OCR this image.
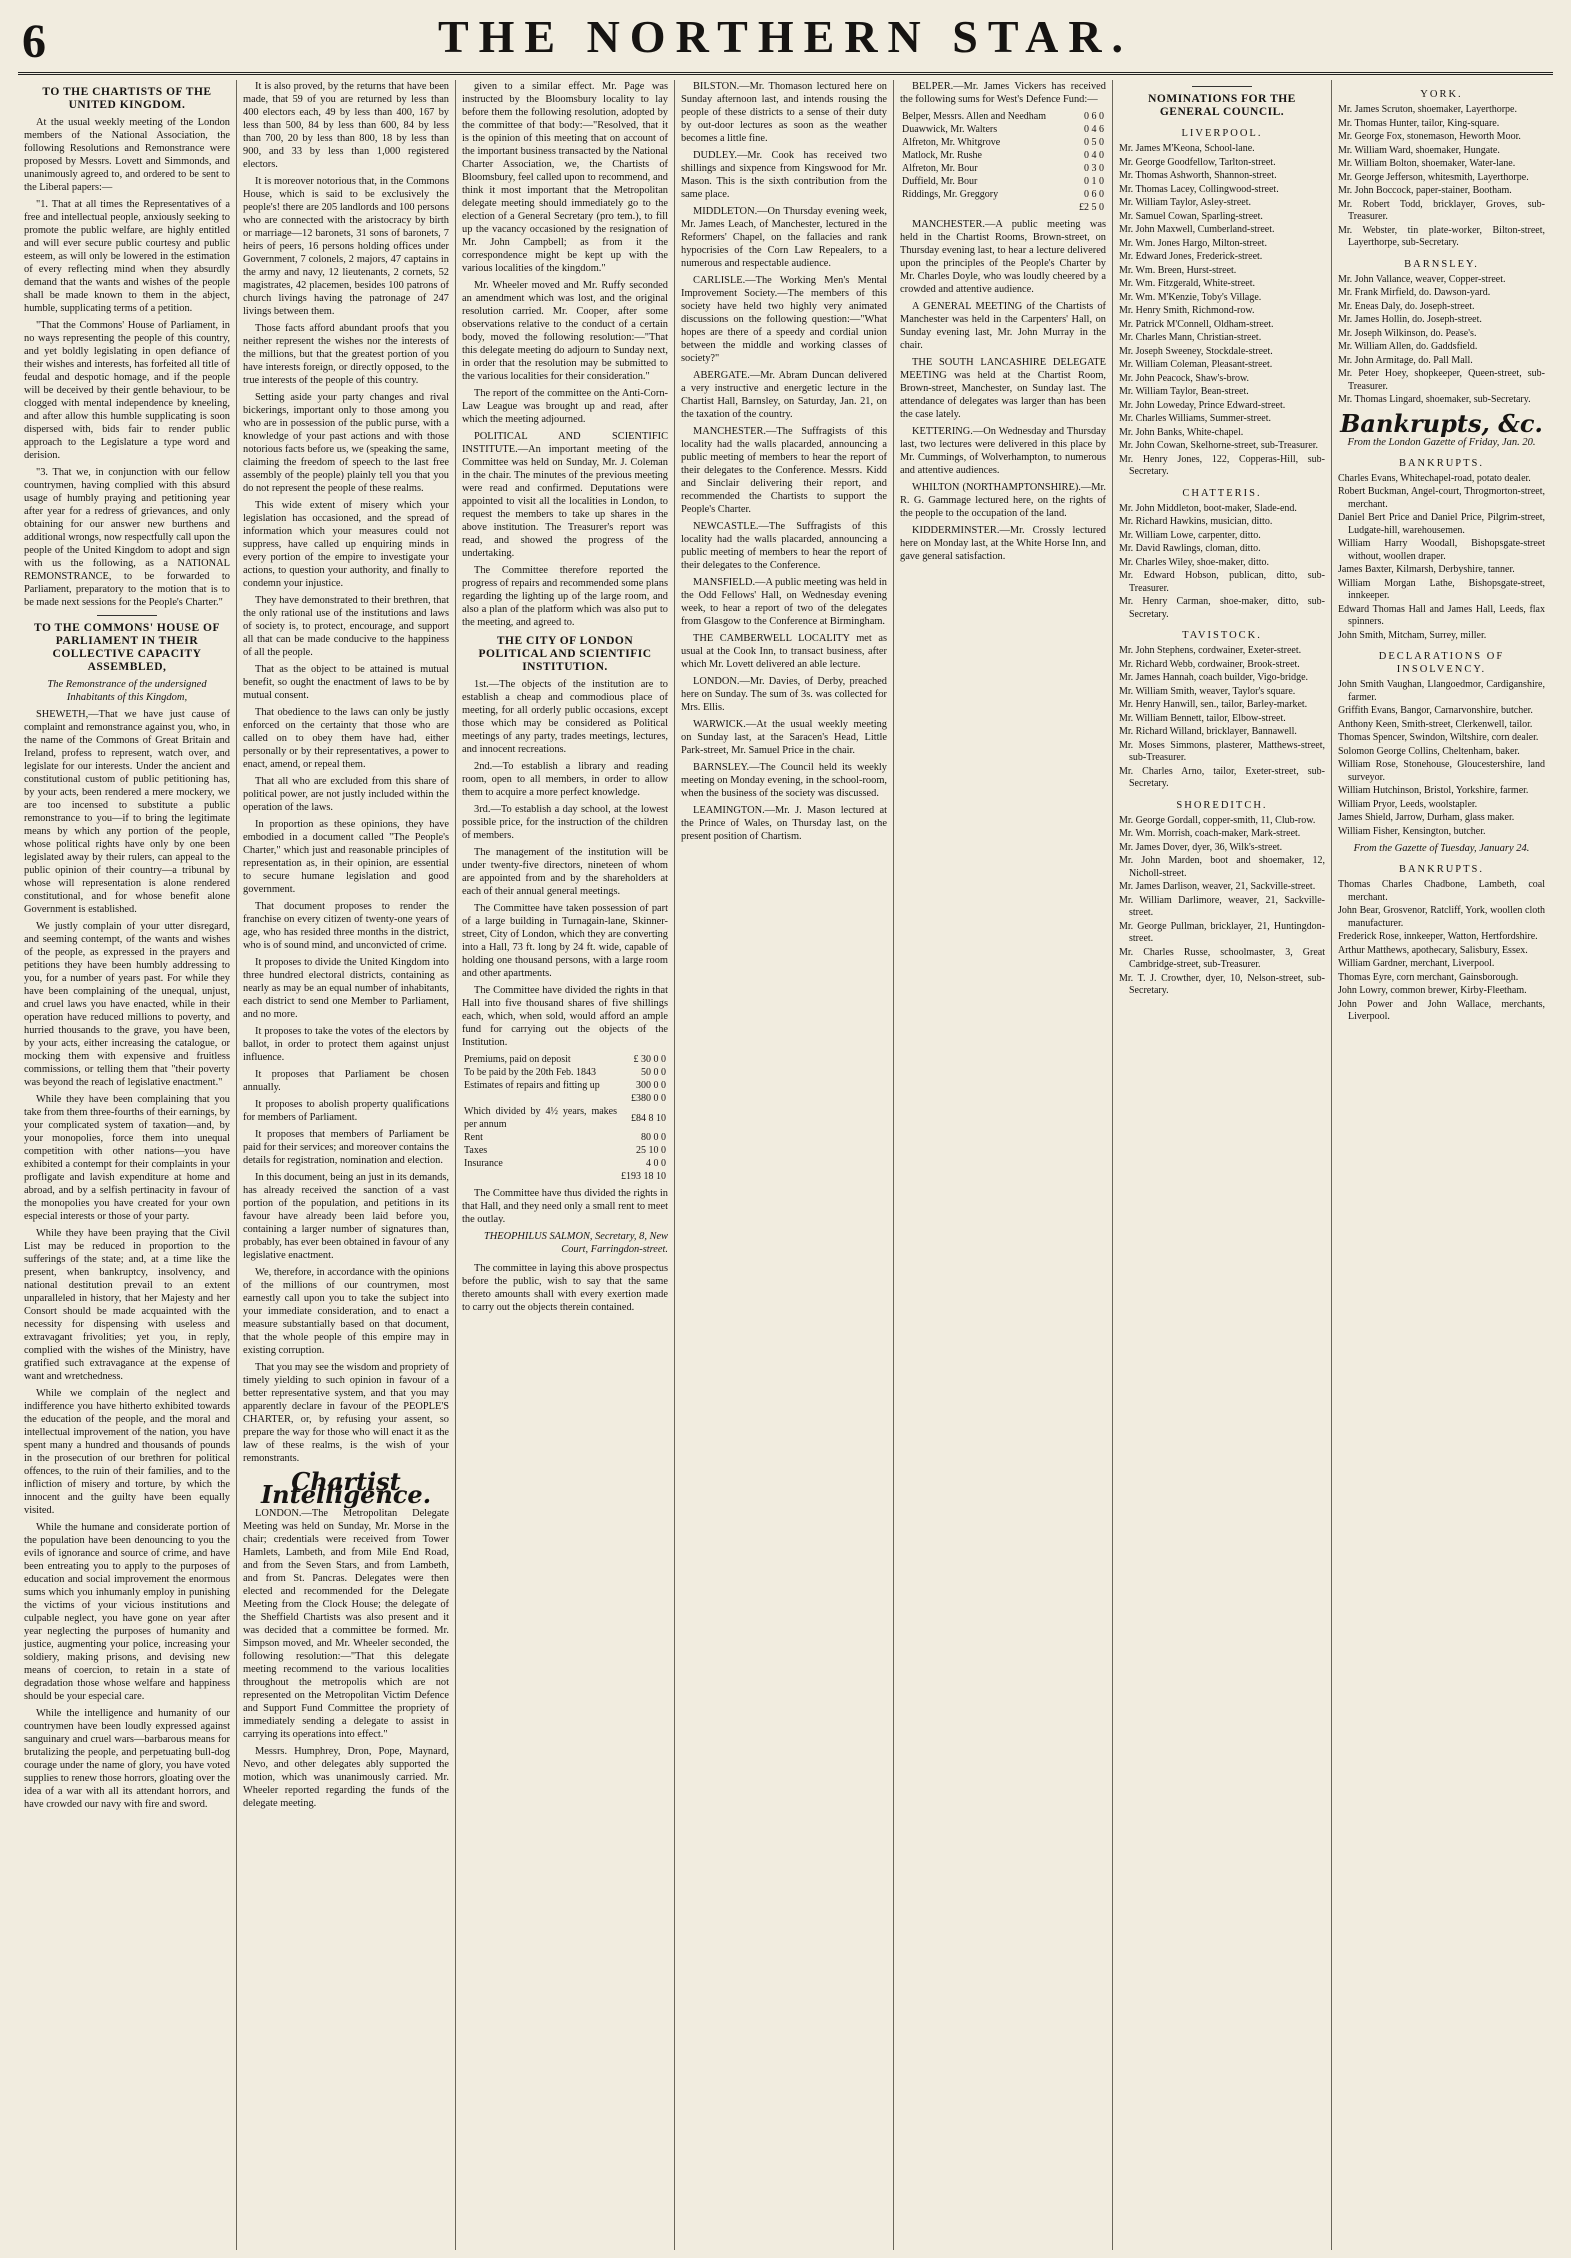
6	THE NORTHERN STAR.
TO THE CHARTISTS OF THE UNITED KINGDOM.

At the usual weekly meeting of the London members of the National Association, the following Resolutions and Remonstrance were proposed by Messrs. Lovett and Simmonds, and unanimously agreed to, and ordered to be sent to the Liberal papers:—

"1. That at all times the Representatives of a free and intellectual people, anxiously seeking to promote the public welfare, are highly entitled and will ever secure public courtesy and public esteem, as will only be lowered in the estimation of every reflecting mind when they absurdly demand that the wants and wishes of the people shall be made known to them in the abject, humble, supplicating terms of a petition.

"That the Commons' House of Parliament, in no ways representing the people of this country, and yet boldly legislating in open defiance of their wishes and interests, has forfeited all title of feudal and despotic homage, and if the people will be deceived by their gentle behaviour, to be clogged with mental independence by kneeling, and after allow this humble supplicating is soon dispersed with, bids fair to render public approach to the Legislature a type word and derision.

"3. That we, in conjunction with our fellow countrymen, having complied with this absurd usage of humbly praying and petitioning year after year for a redress of grievances, and only obtaining for our answer new burthens and additional wrongs, now respectfully call upon the people of the United Kingdom to adopt and sign with us the following, as a NATIONAL REMONSTRANCE, to be forwarded to Parliament, preparatory to the motion that is to be made next sessions for the People's Charter."

TO THE COMMONS' HOUSE OF PARLIAMENT IN THEIR COLLECTIVE CAPACITY ASSEMBLED,
The Remonstrance of the undersigned Inhabitants of this Kingdom,

SHEWETH,—That we have just cause of complaint and remonstrance against you, who, in the name of the Commons of Great Britain and Ireland, profess to represent, watch over, and legislate for our interests. Under the ancient and constitutional custom of public petitioning has, by your acts, been rendered a mere mockery, we are too incensed to substitute a public remonstrance to you—if to bring the legitimate means by which any portion of the people, whose political rights have only by one been legislated away by their rulers, can appeal to the public opinion of their country—a tribunal by whose will representation is alone rendered constitutional, and for whose benefit alone Government is established.

We justly complain of your utter disregard, and seeming contempt, of the wants and wishes of the people, as expressed in the prayers and petitions they have been humbly addressing to you, for a number of years past. For while they have been complaining of the unequal, unjust, and cruel laws you have enacted, while in their operation have reduced millions to poverty, and hurried thousands to the grave, you have been, by your acts, either increasing the catalogue, or mocking them with expensive and fruitless commissions, or telling them that "their poverty was beyond the reach of legislative enactment."

While they have been complaining that you take from them three-fourths of their earnings, by your complicated system of taxation—and, by your monopolies, force them into unequal competition with other nations—you have exhibited a contempt for their complaints in your profligate and lavish expenditure at home and abroad, and by a selfish pertinacity in favour of the monopolies you have created for your own especial interests or those of your party.

While they have been praying that the Civil List may be reduced in proportion to the sufferings of the state; and, at a time like the present, when bankruptcy, insolvency, and national destitution prevail to an extent unparalleled in history, that her Majesty and her Consort should be made acquainted with the necessity for dispensing with useless and extravagant frivolities; yet you, in reply, complied with the wishes of the Ministry, have gratified such extravagance at the expense of want and wretchedness.

While we complain of the neglect and indifference you have hitherto exhibited towards the education of the people, and the moral and intellectual improvement of the nation, you have spent many a hundred and thousands of pounds in the prosecution of our brethren for political offences, to the ruin of their families, and to the infliction of misery and torture, by which the innocent and the guilty have been equally visited.

While the humane and considerate portion of the population have been denouncing to you the evils of ignorance and source of crime, and have been entreating you to apply to the purposes of education and social improvement the enormous sums which you inhumanly employ in punishing the victims of your vicious institutions and culpable neglect, you have gone on year after year neglecting the purposes of humanity and justice, augmenting your police, increasing your soldiery, making prisons, and devising new means of coercion, to retain in a state of degradation those whose welfare and happiness should be your especial care.

While the intelligence and humanity of our countrymen have been loudly expressed against sanguinary and cruel wars—barbarous means for brutalizing the people, and perpetuating bull-dog courage under the name of glory, you have voted supplies to renew those horrors, gloating over the idea of a war with all its attendant horrors, and have crowded our navy with fire and sword.

It is also proved, by the returns that have been made, that 59 of you are returned by less than 400 electors each, 49 by less than 400, 167 by less than 500, 84 by less than 600, 84 by less than 700, 20 by less than 800, 18 by less than 900, and 33 by less than 1,000 registered electors.

It is moreover notorious that, in the Commons House, which is said to be exclusively the people's! there are 205 landlords and 100 persons who are connected with the aristocracy by birth or marriage—12 baronets, 31 sons of baronets, 7 heirs of peers, 16 persons holding offices under Government, 7 colonels, 2 majors, 47 captains in the army and navy, 12 lieutenants, 2 cornets, 52 magistrates, 42 placemen, besides 100 patrons of church livings having the patronage of 247 livings between them.

Those facts afford abundant proofs that you neither represent the wishes nor the interests of the millions, but that the greatest portion of you have interests foreign, or directly opposed, to the true interests of the people of this country.

Setting aside your party changes and rival bickerings, important only to those among you who are in possession of the public purse, with a knowledge of your past actions and with those notorious facts before us, we (speaking the same, claiming the freedom of speech to the last free assembly of the people) plainly tell you that you do not represent the people of these realms.

This wide extent of misery which your legislation has occasioned, and the spread of information which your measures could not suppress, have called up enquiring minds in every portion of the empire to investigate your actions, to question your authority, and finally to condemn your injustice.

They have demonstrated to their brethren, that the only rational use of the institutions and laws of society is, to protect, encourage, and support all that can be made conducive to the happiness of all the people.

That as the object to be attained is mutual benefit, so ought the enactment of laws to be by mutual consent.

That obedience to the laws can only be justly enforced on the certainty that those who are called on to obey them have had, either personally or by their representatives, a power to enact, amend, or repeal them.

That all who are excluded from this share of political power, are not justly included within the operation of the laws.

In proportion as these opinions, they have embodied in a document called "The People's Charter," which just and reasonable principles of representation as, in their opinion, are essential to secure humane legislation and good government.

That document proposes to render the franchise on every citizen of twenty-one years of age, who has resided three months in the district, who is of sound mind, and unconvicted of crime.

It proposes to divide the United Kingdom into three hundred electoral districts, containing as nearly as may be an equal number of inhabitants, each district to send one Member to Parliament, and no more.

It proposes to take the votes of the electors by ballot, in order to protect them against unjust influence.

It proposes that Parliament be chosen annually.

It proposes to abolish property qualifications for members of Parliament.

It proposes that members of Parliament be paid for their services; and moreover contains the details for registration, nomination and election.

In this document, being an just in its demands, has already received the sanction of a vast portion of the population, and petitions in its favour have already been laid before you, containing a larger number of signatures than, probably, has ever been obtained in favour of any legislative enactment.

We, therefore, in accordance with the opinions of the millions of our countrymen, most earnestly call upon you to take the subject into your immediate consideration, and to enact a measure substantially based on that document, that the whole people of this empire may in existing corruption.

That you may see the wisdom and propriety of timely yielding to such opinion in favour of a better representative system, and that you may apparently declare in favour of the PEOPLE'S CHARTER, or, by refusing your assent, so prepare the way for those who will enact it as the law of these realms, is the wish of your remonstrants.

Chartist Intelligence.

LONDON.—The Metropolitan Delegate Meeting was held on Sunday, Mr. Morse in the chair; credentials were received from Tower Hamlets, Lambeth, and from Mile End Road, and from the Seven Stars, and from Lambeth, and from St. Pancras. Delegates were then elected and recommended for the Delegate Meeting from the Clock House; the delegate of the Sheffield Chartists was also present and it was decided that a committee be formed. Mr. Simpson moved, and Mr. Wheeler seconded, the following resolution:—"That this delegate meeting recommend to the various localities throughout the metropolis which are not represented on the Metropolitan Victim Defence and Support Fund Committee the propriety of immediately sending a delegate to assist in carrying its operations into effect."

Messrs. Humphrey, Dron, Pope, Maynard, Nevo, and other delegates ably supported the motion, which was unanimously carried. Mr. Wheeler reported regarding the funds of the delegate meeting.

given to a similar effect. Mr. Page was instructed by the Bloomsbury locality to lay before them the following resolution, adopted by the committee of that body:—"Resolved, that it is the opinion of this meeting that on account of the important business transacted by the National Charter Association, we, the Chartists of Bloomsbury, feel called upon to recommend, and think it most important that the Metropolitan delegate meeting should immediately go to the election of a General Secretary (pro tem.), to fill up the vacancy occasioned by the resignation of Mr. John Campbell; as from it the correspondence might be kept up with the various localities of the kingdom."

Mr. Wheeler moved and Mr. Ruffy seconded an amendment which was lost, and the original resolution carried. Mr. Cooper, after some observations relative to the conduct of a certain body, moved the following resolution:—"That this delegate meeting do adjourn to Sunday next, in order that the resolution may be submitted to the various localities for their consideration."

The report of the committee on the Anti-Corn-Law League was brought up and read, after which the meeting adjourned.

POLITICAL AND SCIENTIFIC INSTITUTE.—An important meeting of the Committee was held on Sunday, Mr. J. Coleman in the chair. The minutes of the previous meeting were read and confirmed. Deputations were appointed to visit all the localities in London, to request the members to take up shares in the above institution. The Treasurer's report was read, and showed the progress of the undertaking.

The Committee therefore reported the progress of repairs and recommended some plans regarding the lighting up of the large room, and also a plan of the platform which was also put to the meeting, and agreed to.

THE CITY OF LONDON POLITICAL AND SCIENTIFIC INSTITUTION.

1st.—The objects of the institution are to establish a cheap and commodious place of meeting, for all orderly public occasions, except those which may be considered as Political meetings of any party, trades meetings, lectures, and innocent recreations.

2nd.—To establish a library and reading room, open to all members, in order to allow them to acquire a more perfect knowledge.

3rd.—To establish a day school, at the lowest possible price, for the instruction of the children of members.

The management of the institution will be under twenty-five directors, nineteen of whom are appointed from and by the shareholders at each of their annual general meetings.

The Committee have taken possession of part of a large building in Turnagain-lane, Skinner-street, City of London, which they are converting into a Hall, 73 ft. long by 24 ft. wide, capable of holding one thousand persons, with a large room and other apartments.

The Committee have divided the rights in that Hall into five thousand shares of five shillings each, which, when sold, would afford an ample fund for carrying out the objects of the Institution.

Premiums, paid on deposit	£ 30 0 0
To be paid by the 20th Feb. 1843	50 0 0
Estimates of repairs and fitting up	300 0 0
	£380 0 0
Which divided by 4½ years, makes per annum	£84 8 10
Rent	80 0 0
Taxes	25 10 0
Insurance	4 0 0
	£193 18 10

The Committee have thus divided the rights in that Hall, and they need only a small rent to meet the outlay.

THEOPHILUS SALMON, Secretary, 8, New Court, Farringdon-street.

The committee in laying this above prospectus before the public, wish to say that the same thereto amounts shall with every exertion made to carry out the objects therein contained.

BILSTON.—Mr. Thomason lectured here on Sunday afternoon last, and intends rousing the people of these districts to a sense of their duty by out-door lectures as soon as the weather becomes a little fine.

DUDLEY.—Mr. Cook has received two shillings and sixpence from Kingswood for Mr. Mason. This is the sixth contribution from the same place.

MIDDLETON.—On Thursday evening week, Mr. James Leach, of Manchester, lectured in the Reformers' Chapel, on the fallacies and rank hypocrisies of the Corn Law Repealers, to a numerous and respectable audience.

CARLISLE.—The Working Men's Mental Improvement Society.—The members of this society have held two highly very animated discussions on the following question:—"What hopes are there of a speedy and cordial union between the middle and working classes of society?"

ABERGATE.—Mr. Abram Duncan delivered a very instructive and energetic lecture in the Chartist Hall, Barnsley, on Saturday, Jan. 21, on the taxation of the country.

MANCHESTER.—The Suffragists of this locality had the walls placarded, announcing a public meeting of members to hear the report of their delegates to the Conference. Messrs. Kidd and Sinclair delivering their report, and recommended the Chartists to support the People's Charter.

NEWCASTLE.—The Suffragists of this locality had the walls placarded, announcing a public meeting of members to hear the report of their delegates to the Conference.

MANSFIELD.—A public meeting was held in the Odd Fellows' Hall, on Wednesday evening week, to hear a report of two of the delegates from Glasgow to the Conference at Birmingham.

THE CAMBERWELL LOCALITY met as usual at the Cook Inn, to transact business, after which Mr. Lovett delivered an able lecture.

LONDON.—Mr. Davies, of Derby, preached here on Sunday. The sum of 3s. was collected for Mrs. Ellis.

WARWICK.—At the usual weekly meeting on Sunday last, at the Saracen's Head, Little Park-street, Mr. Samuel Price in the chair.

BARNSLEY.—The Council held its weekly meeting on Monday evening, in the school-room, when the business of the society was discussed.

LEAMINGTON.—Mr. J. Mason lectured at the Prince of Wales, on Thursday last, on the present position of Chartism.

BELPER.—Mr. James Vickers has received the following sums for West's Defence Fund:—

Belper, Messrs. Allen and Needham	0 6 0
Duawwick, Mr. Walters	0 4 6
Alfreton, Mr. Whitgrove	0 5 0
Matlock, Mr. Rushe	0 4 0
Alfreton, Mr. Bour	0 3 0
Duffield, Mr. Bour	0 1 0
Riddings, Mr. Greggory	0 6 0
	£2 5 0

MANCHESTER.—A public meeting was held in the Chartist Rooms, Brown-street, on Thursday evening last, to hear a lecture delivered upon the principles of the People's Charter by Mr. Charles Doyle, who was loudly cheered by a crowded and attentive audience.

A GENERAL MEETING of the Chartists of Manchester was held in the Carpenters' Hall, on Sunday evening last, Mr. John Murray in the chair.

THE SOUTH LANCASHIRE DELEGATE MEETING was held at the Chartist Room, Brown-street, Manchester, on Sunday last. The attendance of delegates was larger than has been the case lately.

KETTERING.—On Wednesday and Thursday last, two lectures were delivered in this place by Mr. Cummings, of Wolverhampton, to numerous and attentive audiences.

WHILTON (NORTHAMPTONSHIRE).—Mr. R. G. Gammage lectured here, on the rights of the people to the occupation of the land.

KIDDERMINSTER.—Mr. Crossly lectured here on Monday last, at the White Horse Inn, and gave general satisfaction.

NOMINATIONS FOR THE GENERAL COUNCIL.
LIVERPOOL.
Mr. James M'Keona, School-lane.
Mr. George Goodfellow, Tarlton-street.
Mr. Thomas Ashworth, Shannon-street.
Mr. Thomas Lacey, Collingwood-street.
Mr. William Taylor, Asley-street.
Mr. Samuel Cowan, Sparling-street.
Mr. John Maxwell, Cumberland-street.
Mr. Wm. Jones Hargo, Milton-street.
Mr. Edward Jones, Frederick-street.
Mr. Wm. Breen, Hurst-street.
Mr. Wm. Fitzgerald, White-street.
Mr. Wm. M'Kenzie, Toby's Village.
Mr. Henry Smith, Richmond-row.
Mr. Patrick M'Connell, Oldham-street.
Mr. Charles Mann, Christian-street.
Mr. Joseph Sweeney, Stockdale-street.
Mr. William Coleman, Pleasant-street.
Mr. John Peacock, Shaw's-brow.
Mr. William Taylor, Bean-street.
Mr. John Loweday, Prince Edward-street.
Mr. Charles Williams, Summer-street.
Mr. John Banks, White-chapel.
Mr. John Cowan, Skelhorne-street, sub-Treasurer.
Mr. Henry Jones, 122, Copperas-Hill, sub-Secretary.
CHATTERIS.
Mr. John Middleton, boot-maker, Slade-end.
Mr. Richard Hawkins, musician, ditto.
Mr. William Lowe, carpenter, ditto.
Mr. David Rawlings, cloman, ditto.
Mr. Charles Wiley, shoe-maker, ditto.
Mr. Edward Hobson, publican, ditto, sub-Treasurer.
Mr. Henry Carman, shoe-maker, ditto, sub-Secretary.
TAVISTOCK.
Mr. John Stephens, cordwainer, Exeter-street.
Mr. Richard Webb, cordwainer, Brook-street.
Mr. James Hannah, coach builder, Vigo-bridge.
Mr. William Smith, weaver, Taylor's square.
Mr. Henry Hanwill, sen., tailor, Barley-market.
Mr. William Bennett, tailor, Elbow-street.
Mr. Richard Willand, bricklayer, Bannawell.
Mr. Moses Simmons, plasterer, Matthews-street, sub-Treasurer.
Mr. Charles Arno, tailor, Exeter-street, sub-Secretary.
SHOREDITCH.
Mr. George Gordall, copper-smith, 11, Club-row.
Mr. Wm. Morrish, coach-maker, Mark-street.
Mr. James Dover, dyer, 36, Wilk's-street.
Mr. John Marden, boot and shoemaker, 12, Nicholl-street.
Mr. James Darlison, weaver, 21, Sackville-street.
Mr. William Darlimore, weaver, 21, Sackville-street.
Mr. George Pullman, bricklayer, 21, Huntingdon-street.
Mr. Charles Russe, schoolmaster, 3, Great Cambridge-street, sub-Treasurer.
Mr. T. J. Crowther, dyer, 10, Nelson-street, sub-Secretary.
YORK.
Mr. James Scruton, shoemaker, Layerthorpe.
Mr. Thomas Hunter, tailor, King-square.
Mr. George Fox, stonemason, Heworth Moor.
Mr. William Ward, shoemaker, Hungate.
Mr. William Bolton, shoemaker, Water-lane.
Mr. George Jefferson, whitesmith, Layerthorpe.
Mr. John Boccock, paper-stainer, Bootham.
Mr. Robert Todd, bricklayer, Groves, sub-Treasurer.
Mr. Webster, tin plate-worker, Bilton-street, Layerthorpe, sub-Secretary.
BARNSLEY.
Mr. John Vallance, weaver, Copper-street.
Mr. Frank Mirfield, do. Dawson-yard.
Mr. Eneas Daly, do. Joseph-street.
Mr. James Hollin, do. Joseph-street.
Mr. Joseph Wilkinson, do. Pease's.
Mr. William Allen, do. Gaddsfield.
Mr. John Armitage, do. Pall Mall.
Mr. Peter Hoey, shopkeeper, Queen-street, sub-Treasurer.
Mr. Thomas Lingard, shoemaker, sub-Secretary.
Bankrupts, &c.
From the London Gazette of Friday, Jan. 20.
BANKRUPTS.
Charles Evans, Whitechapel-road, potato dealer.
Robert Buckman, Angel-court, Throgmorton-street, merchant.
Daniel Bert Price and Daniel Price, Pilgrim-street, Ludgate-hill, warehousemen.
William Harry Woodall, Bishopsgate-street without, woollen draper.
James Baxter, Kilmarsh, Derbyshire, tanner.
William Morgan Lathe, Bishopsgate-street, innkeeper.
Edward Thomas Hall and James Hall, Leeds, flax spinners.
John Smith, Mitcham, Surrey, miller.
DECLARATIONS OF INSOLVENCY.
John Smith Vaughan, Llangoedmor, Cardiganshire, farmer.
Griffith Evans, Bangor, Carnarvonshire, butcher.
Anthony Keen, Smith-street, Clerkenwell, tailor.
Thomas Spencer, Swindon, Wiltshire, corn dealer.
Solomon George Collins, Cheltenham, baker.
William Rose, Stonehouse, Gloucestershire, land surveyor.
William Hutchinson, Bristol, Yorkshire, farmer.
William Pryor, Leeds, woolstapler.
James Shield, Jarrow, Durham, glass maker.
William Fisher, Kensington, butcher.
From the Gazette of Tuesday, January 24.
BANKRUPTS.
Thomas Charles Chadbone, Lambeth, coal merchant.
John Bear, Grosvenor, Ratcliff, York, woollen cloth manufacturer.
Frederick Rose, innkeeper, Watton, Hertfordshire.
Arthur Matthews, apothecary, Salisbury, Essex.
William Gardner, merchant, Liverpool.
Thomas Eyre, corn merchant, Gainsborough.
John Lowry, common brewer, Kirby-Fleetham.
John Power and John Wallace, merchants, Liverpool.
